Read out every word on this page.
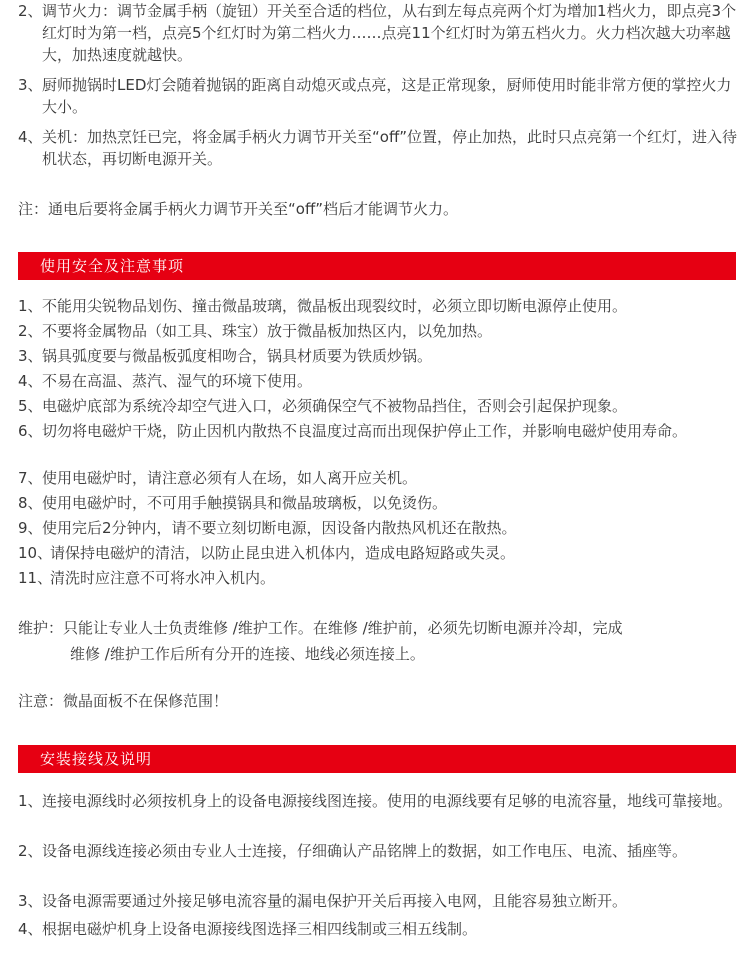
2、 调节火力：调节金属手柄（旋钮）开关至合适的档位，从右到左每点亮两个灯为增加1档火力，即点亮3个红灯时为第一档，点亮5个红灯时为第二档火力……点亮11个红灯时为第五档火力。火力档次越大功率越大，加热速度就越快。
3、 厨师抛锅时LED灯会随着抛锅的距离自动熄灭或点亮，这是正常现象，厨师使用时能非常方便的掌控火力大小。
4、 关机：加热烹饪已完，将金属手柄火力调节开关至“off”位置，停止加热，此时只点亮第一个红灯，进入待机状态，再切断电源开关。

注：通电后要将金属手柄火力调节开关至“off”档后才能调节火力。

使用安全及注意事项
1、 不能用尖锐物品划伤、撞击微晶玻璃，微晶板出现裂纹时，必须立即切断电源停止使用。
2、 不要将金属物品（如工具、珠宝）放于微晶板加热区内，以免加热。
3、 锅具弧度要与微晶板弧度相吻合，锅具材质要为铁质炒锅。
4、 不易在高温、蒸汽、湿气的环境下使用。
5、 电磁炉底部为系统冷却空气进入口，必须确保空气不被物品挡住，否则会引起保护现象。
6、 切勿将电磁炉干烧，防止因机内散热不良温度过高而出现保护停止工作，并影响电磁炉使用寿命。
7、 使用电磁炉时，请注意必须有人在场，如人离开应关机。
8、 使用电磁炉时，不可用手触摸锅具和微晶玻璃板，以免烫伤。
9、 使用完后2分钟内，请不要立刻切断电源，因设备内散热风机还在散热。
10、
请保持电磁炉的清洁，以防止昆虫进入机体内，造成电路短路或失灵。
11、
清洗时应注意不可将水冲入机内。

维护：只能让专业人士负责维修 /维护工作。在维修 /维护前，必须先切断电源并冷却，完成

维修 /维护工作后所有分开的连接、地线必须连接上。

注意：微晶面板不在保修范围！

安装接线及说明
1、 连接电源线时必须按机身上的设备电源接线图连接。使用的电源线要有足够的电流容量，地线可靠接地。
2、 设备电源线连接必须由专业人士连接，仔细确认产品铭牌上的数据，如工作电压、电流、插座等。
3、 设备电源需要通过外接足够电流容量的漏电保护开关后再接入电网，且能容易独立断开。
4、 根据电磁炉机身上设备电源接线图选择三相四线制或三相五线制。
